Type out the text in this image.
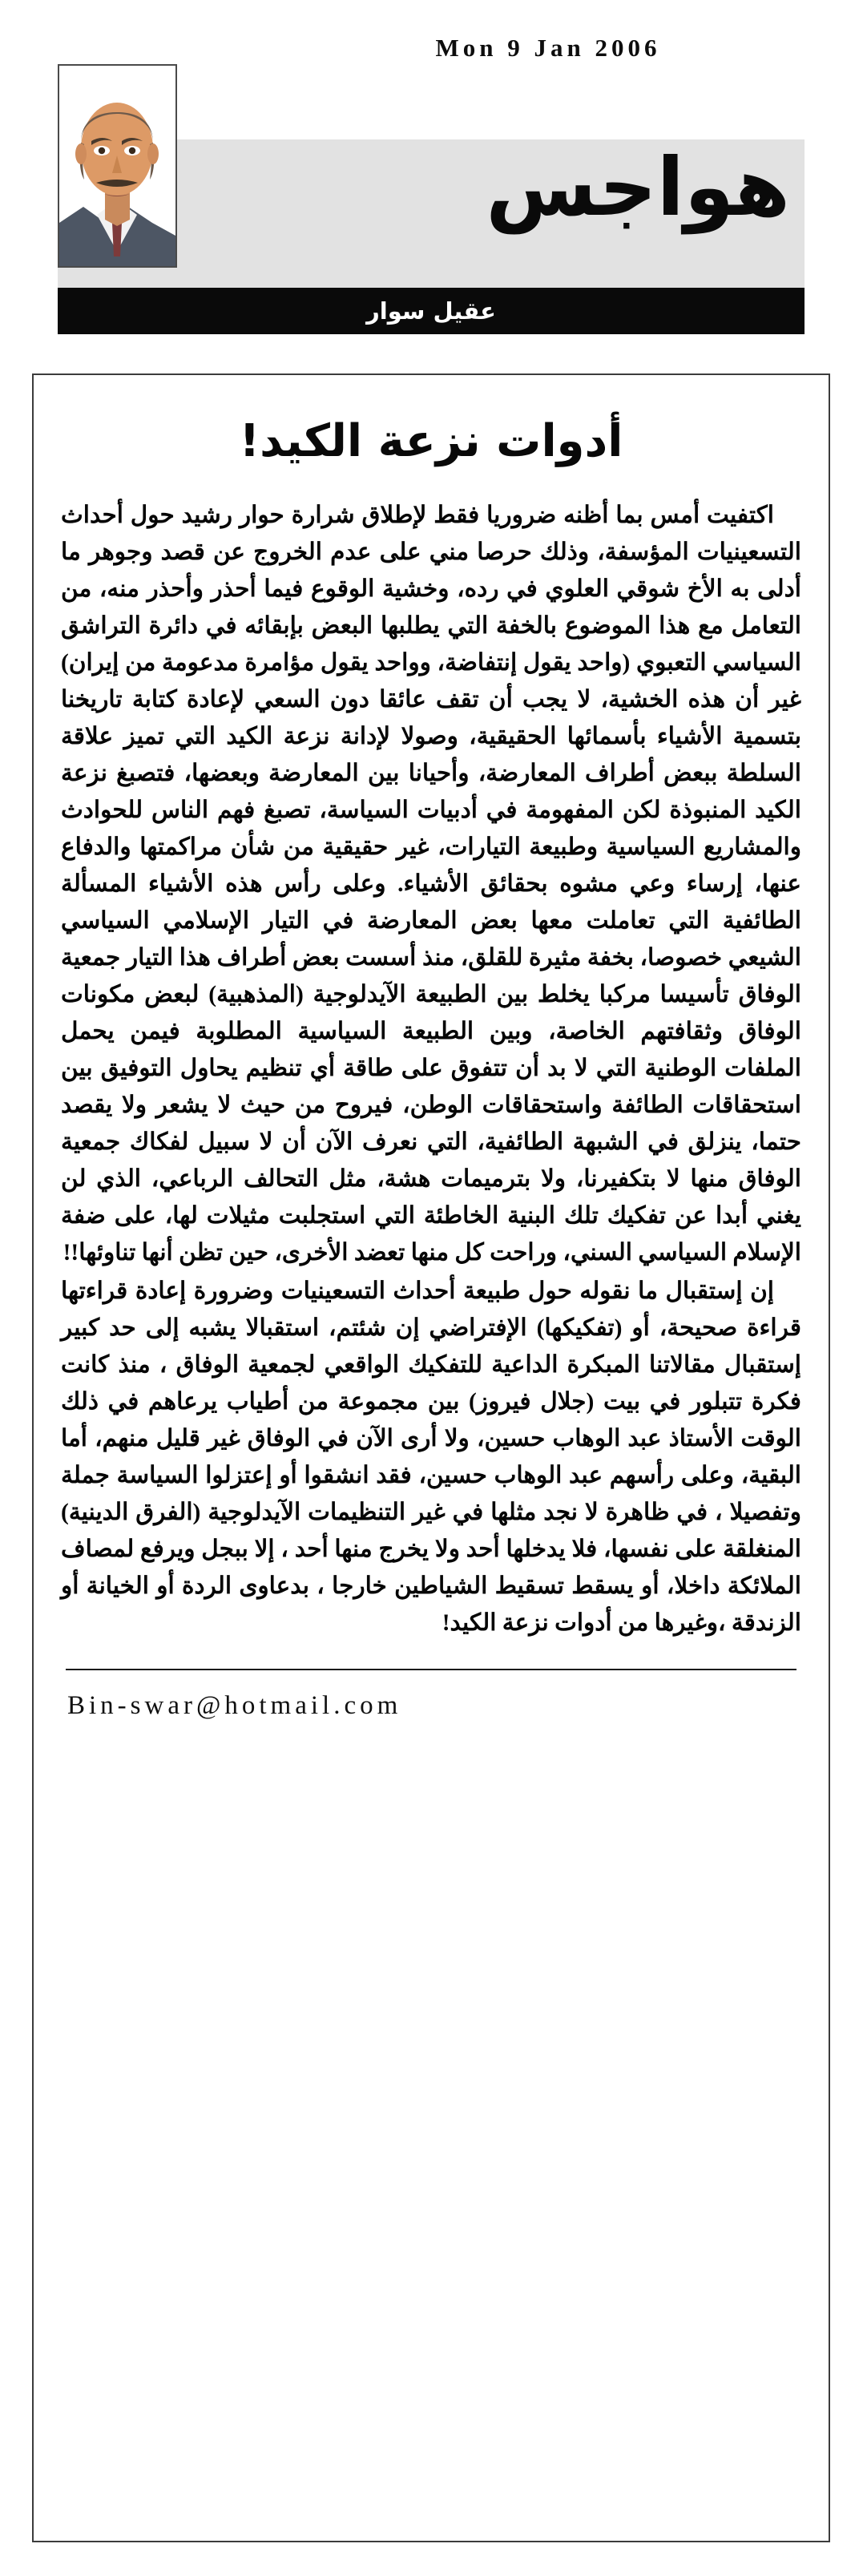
Mon 9 Jan 2006
هواجس
عقيل سوار
أدوات نزعة الكيد!

اكتفيت أمس بما أظنه ضروريا فقط لإطلاق شرارة حوار رشيد حول أحداث التسعينيات المؤسفة، وذلك حرصا مني على عدم الخروج عن قصد وجوهر ما أدلى به الأخ شوقي العلوي في رده، وخشية الوقوع فيما أحذر وأحذر منه، من التعامل مع هذا الموضوع بالخفة التي يطلبها البعض بإبقائه في دائرة التراشق السياسي التعبوي (واحد يقول إنتفاضة، وواحد يقول مؤامرة مدعومة من إيران) غير أن هذه الخشية، لا يجب أن تقف عائقا دون السعي لإعادة كتابة تاريخنا بتسمية الأشياء بأسمائها الحقيقية، وصولا لإدانة نزعة الكيد التي تميز علاقة السلطة ببعض أطراف المعارضة، وأحيانا بين المعارضة وبعضها، فتصبغ نزعة الكيد المنبوذة لكن المفهومة في أدبيات السياسة، تصبغ فهم الناس للحوادث والمشاريع السياسية وطبيعة التيارات، غير حقيقية من شأن مراكمتها والدفاع عنها، إرساء وعي مشوه بحقائق الأشياء. وعلى رأس هذه الأشياء المسألة الطائفية التي تعاملت معها بعض المعارضة في التيار الإسلامي السياسي الشيعي خصوصا، بخفة مثيرة للقلق، منذ أسست بعض أطراف هذا التيار جمعية الوفاق تأسيسا مركبا يخلط بين الطبيعة الآيدلوجية (المذهبية) لبعض مكونات الوفاق وثقافتهم الخاصة، وبين الطبيعة السياسية المطلوبة فيمن يحمل الملفات الوطنية التي لا بد أن تتفوق على طاقة أي تنظيم يحاول التوفيق بين استحقاقات الطائفة واستحقاقات الوطن، فيروح من حيث لا يشعر ولا يقصد حتما، ينزلق في الشبهة الطائفية، التي نعرف الآن أن لا سبيل لفكاك جمعية الوفاق منها لا بتكفيرنا، ولا بترميمات هشة، مثل التحالف الرباعي، الذي لن يغني أبدا عن تفكيك تلك البنية الخاطئة التي استجلبت مثيلات لها، على ضفة الإسلام السياسي السني، وراحت كل منها تعضد الأخرى، حين تظن أنها تناوئها!!

إن إستقبال ما نقوله حول طبيعة أحداث التسعينيات وضرورة إعادة قراءتها قراءة صحيحة، أو (تفكيكها) الإفتراضي إن شئتم، استقبالا يشبه إلى حد كبير إستقبال مقالاتنا المبكرة الداعية للتفكيك الواقعي لجمعية الوفاق ، منذ كانت فكرة تتبلور في بيت (جلال فيروز) بين مجموعة من أطياب يرعاهم في ذلك الوقت الأستاذ عبد الوهاب حسين، ولا أرى الآن في الوفاق غير قليل منهم، أما البقية، وعلى رأسهم عبد الوهاب حسين، فقد انشقوا أو إعتزلوا السياسة جملة وتفصيلا ، في ظاهرة لا نجد مثلها في غير التنظيمات الآيدلوجية (الفرق الدينية) المنغلقة على نفسها، فلا يدخلها أحد ولا يخرج منها أحد ، إلا ببجل ويرفع لمصاف الملائكة داخلا، أو يسقط تسقيط الشياطين خارجا ، بدعاوى الردة أو الخيانة أو الزندقة ،وغيرها من أدوات نزعة الكيد!

Bin-swar@hotmail.com
